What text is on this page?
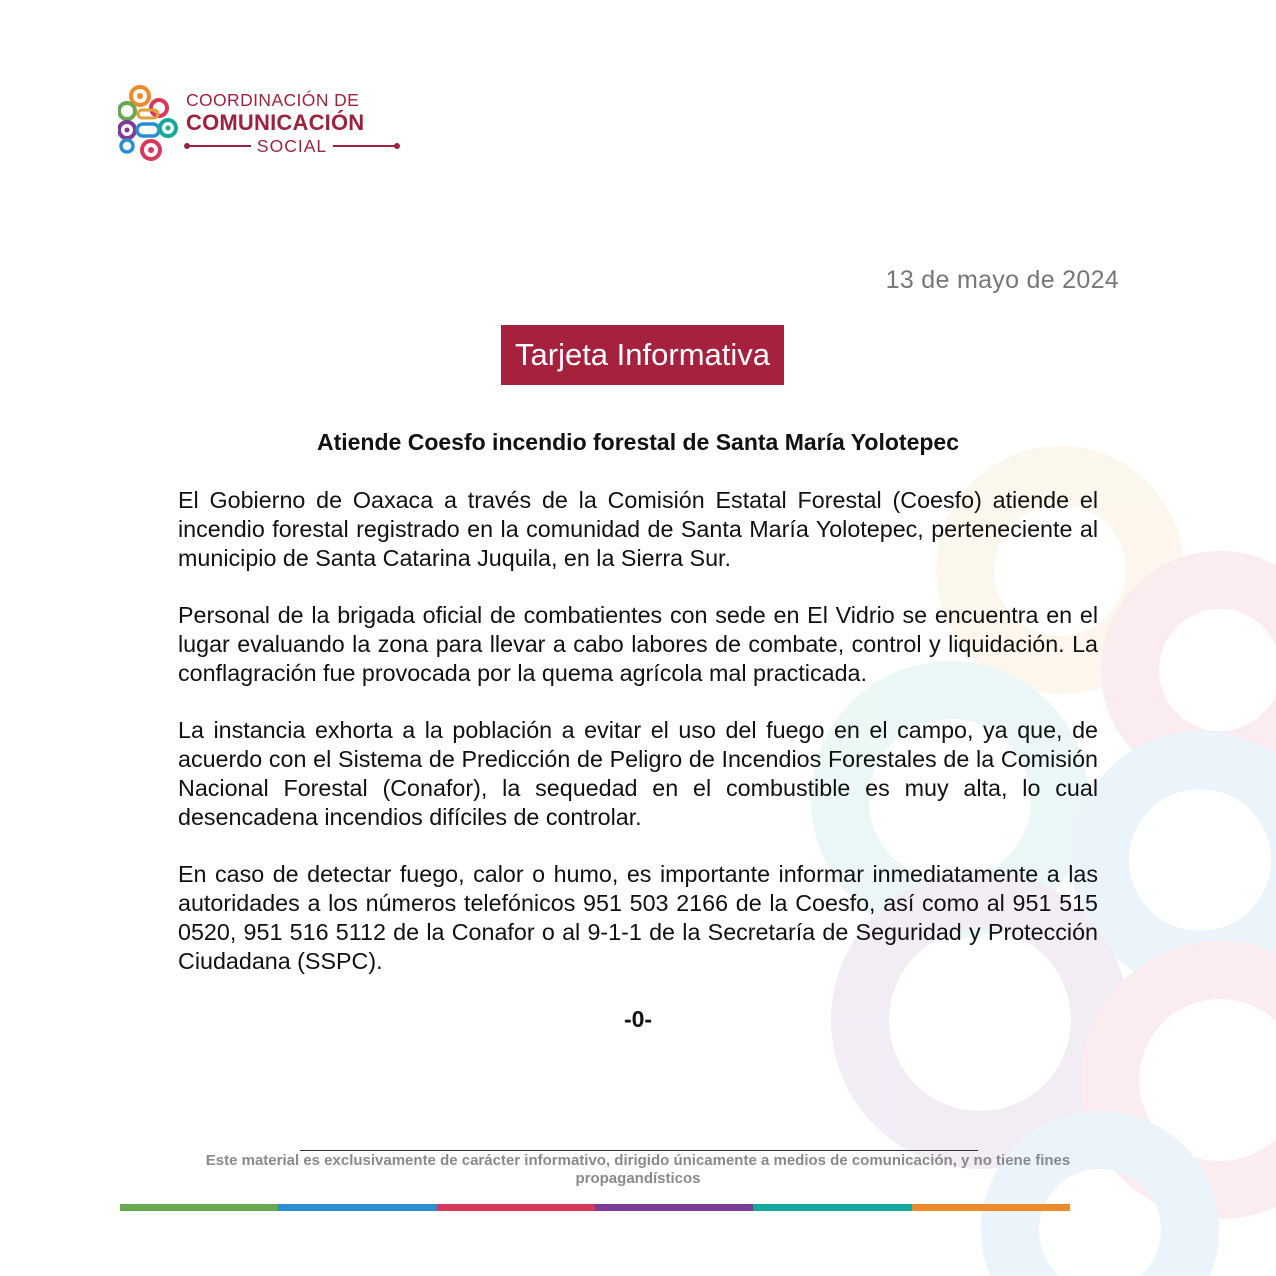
COORDINACIÓN DE
COMUNICACIÓN
SOCIAL
13 de mayo de 2024
Tarjeta Informativa
Atiende Coesfo incendio forestal de Santa María Yolotepec

El Gobierno de Oaxaca a través de la Comisión Estatal Forestal (Coesfo) atiende el incendio forestal registrado en la comunidad de Santa María Yolotepec, perteneciente al municipio de Santa Catarina Juquila, en la Sierra Sur.

Personal de la brigada oficial de combatientes con sede en El Vidrio se encuentra en el lugar evaluando la zona para llevar a cabo labores de combate, control y liquidación. La conflagración fue provocada por la quema agrícola mal practicada.

La instancia exhorta a la población a evitar el uso del fuego en el campo, ya que, de acuerdo con el Sistema de Predicción de Peligro de Incendios Forestales de la Comisión Nacional Forestal (Conafor), la sequedad en el combustible es muy alta, lo cual desencadena incendios difíciles de controlar.

En caso de detectar fuego, calor o humo, es importante informar inmediatamente a las autoridades a los números telefónicos 951 503 2166 de la Coesfo, así como al 951 515 0520, 951 516 5112 de la Conafor o al 9-1-1 de la Secretaría de Seguridad y Protección Ciudadana (SSPC).

-0-
Este material es exclusivamente de carácter informativo, dirigido únicamente a medios de comunicación, y no tiene fines propagandísticos
